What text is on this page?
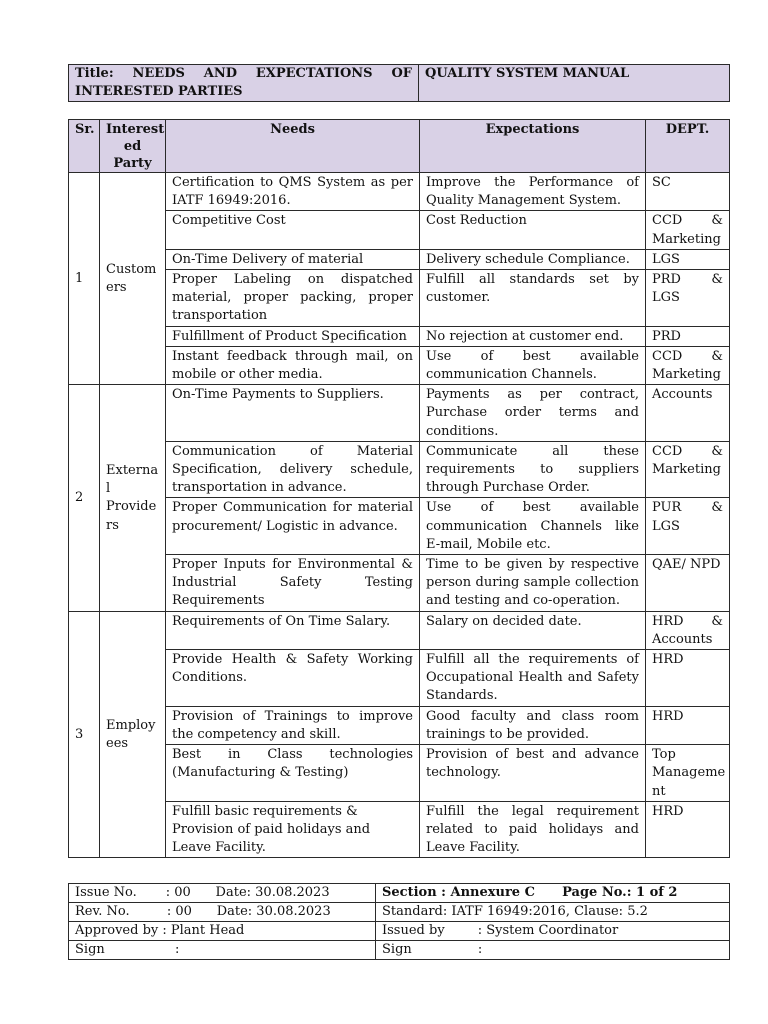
Title: NEEDS AND EXPECTATIONS OF INTERESTED PARTIES	QUALITY SYSTEM MANUAL
Sr.	Interest ed Party	Needs	Expectations	DEPT.
1	Custom ers	Certification to QMS System as per IATF 16949:2016.	Improve the Performance of Quality Management System.	SC
		Competitive Cost	Cost Reduction	CCD & Marketing
		On-Time Delivery of material	Delivery schedule Compliance.	LGS
		Proper Labeling on dispatched material, proper packing, proper transportation	Fulfill all standards set by customer.	PRD & LGS
		Fulfillment of Product Specification	No rejection at customer end.	PRD
		Instant feedback through mail, on mobile or other media.	Use of best available communication Channels.	CCD & Marketing
2	Externa l Provide rs	On-Time Payments to Suppliers.	Payments as per contract, Purchase order terms and conditions.	Accounts
		Communication of Material Specification, delivery schedule, transportation in advance.	Communicate all these requirements to suppliers through Purchase Order.	CCD & Marketing
		Proper Communication for material procurement/ Logistic in advance.	Use of best available communication Channels like E-mail, Mobile etc.	PUR & LGS
		Proper Inputs for Environmental & Industrial Safety Testing Requirements	Time to be given by respective person during sample collection and testing and co-operation.	QAE/ NPD
3	Employ ees	Requirements of On Time Salary.	Salary on decided date.	HRD & Accounts
		Provide Health & Safety Working Conditions.	Fulfill all the requirements of Occupational Health and Safety Standards.	HRD
		Provision of Trainings to improve the competency and skill.	Good faculty and class room trainings to be provided.	HRD
		Best in Class technologies (Manufacturing & Testing)	Provision of best and advance technology.	Top Manageme nt
		Fulfill basic requirements & Provision of paid holidays and Leave Facility.	Fulfill the legal requirement related to paid holidays and Leave Facility.	HRD
Issue No.       : 00      Date: 30.08.2023	Section : Annexure C      Page No.: 1 of 2
Rev. No.         : 00      Date: 30.08.2023	Standard: IATF 16949:2016, Clause: 5.2
Approved by : Plant Head	Issued by        : System Coordinator
Sign                 :	Sign                :
